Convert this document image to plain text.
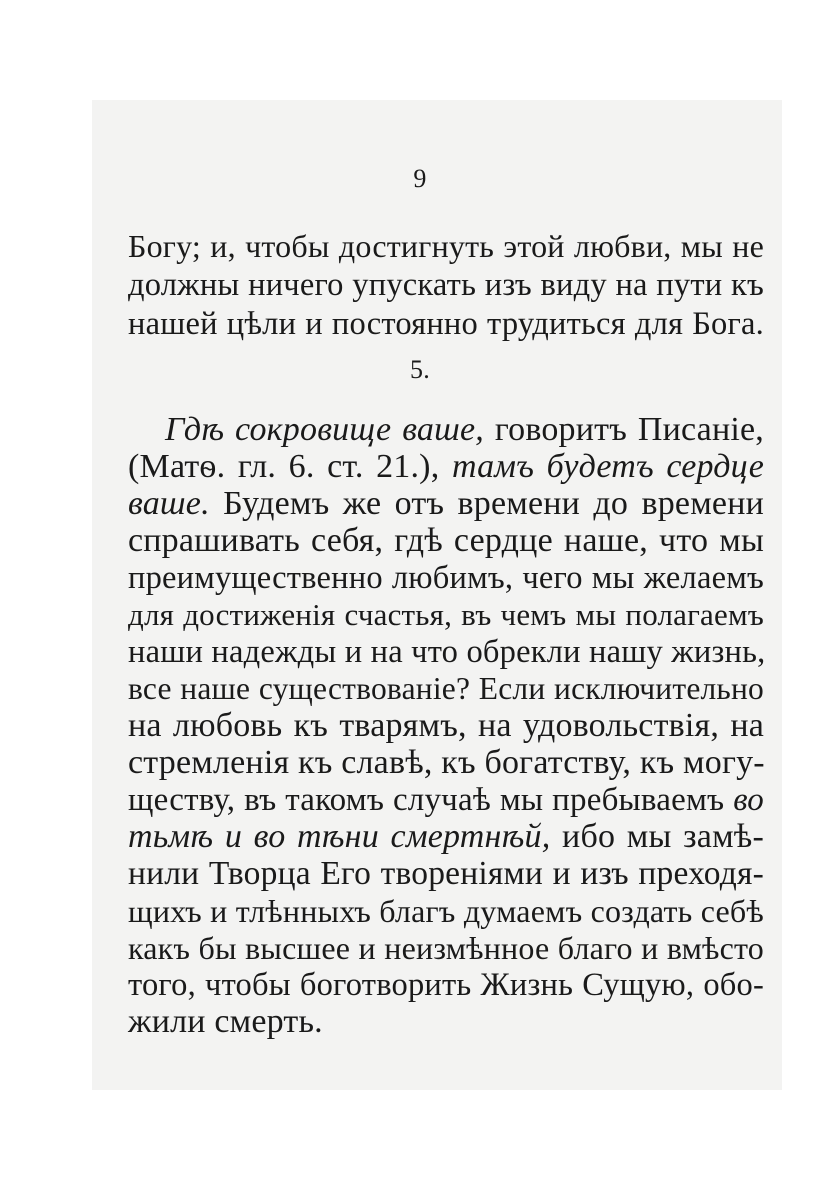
9
Богу; и, чтобы достигнуть этой любви, мы не
должны ничего упускать изъ виду на пути къ
нашей цѣли и постоянно трудиться для Бога.
5.
Гдѣ сокровище ваше, говоритъ Писаніе,
(Матѳ. гл. 6. ст. 21.), тамъ будетъ сердце
ваше. Будемъ же отъ времени до времени
спрашивать себя, гдѣ сердце наше, что мы
преимущественно любимъ, чего мы желаемъ
для достиженія счастья, въ чемъ мы полагаемъ
наши надежды и на что обрекли нашу жизнь,
все наше существованіе? Если исключительно
на любовь къ тварямъ, на удовольствія, на
стремленія къ славѣ, къ богатству, къ могу-
ществу, въ такомъ случаѣ мы пребываемъ во
тьмѣ и во тѣни смертнѣй, ибо мы замѣ-
нили Творца Его твореніями и изъ преходя-
щихъ и тлѣнныхъ благъ думаемъ создать себѣ
какъ бы высшее и неизмѣнное благо и вмѣсто
того, чтобы боготворить Жизнь Сущую, обо-
жили смерть.
